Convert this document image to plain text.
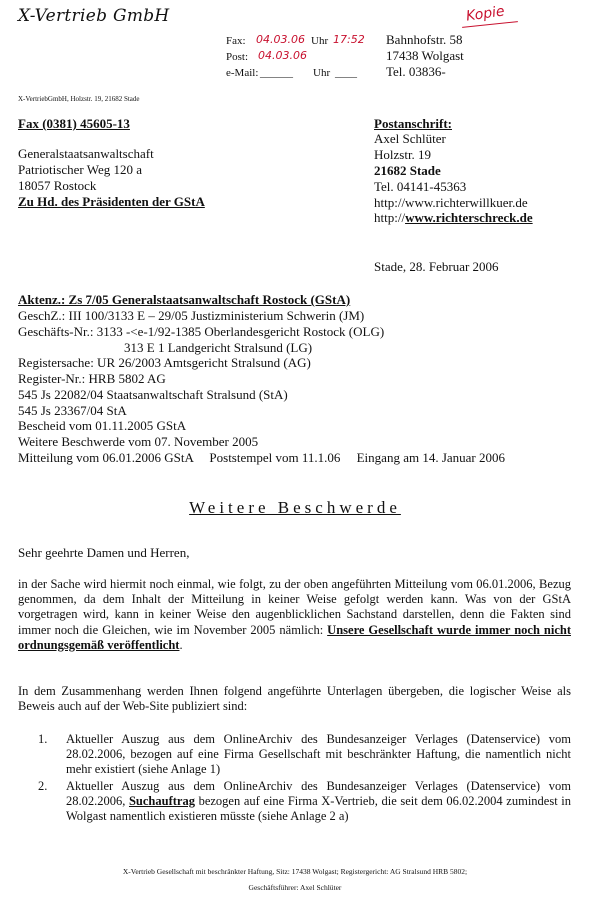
X-Vertrieb GmbH
Fax: 04.03.06 Uhr 17:52
Post: 04.03.06
e-Mail: ______ Uhr ____
Bahnhofstr. 58
17438 Wolgast
Tel. 03836-
Kopie
X-VertriebGmbH, Holzstr. 19, 21682 Stade
Fax (0381) 45605-13
Generalstaatsanwaltschaft
Patriotischer Weg 120 a
18057 Rostock
Zu Hd. des Präsidenten der GStA
Postanschrift:
Axel Schlüter
Holzstr. 19
21682 Stade
Tel. 04141-45363
http://www.richterwillkuer.de
http://www.richterschreck.de
Stade, 28. Februar 2006
Aktenz.: Zs 7/05 Generalstaatsanwaltschaft Rostock (GStA)
GeschZ.: III 100/3133 E – 29/05 Justizministerium Schwerin (JM)
Geschäfts-Nr.: 3133 -<e-1/92-1385 Oberlandesgericht Rostock (OLG)
313 E 1 Landgericht Stralsund (LG)
Registersache: UR 26/2003 Amtsgericht Stralsund (AG)
Register-Nr.: HRB 5802 AG
545 Js 22082/04 Staatsanwaltschaft Stralsund (StA)
545 Js 23367/04 StA
Bescheid vom 01.11.2005 GStA
Weitere Beschwerde vom 07. November 2005
Mitteilung vom 06.01.2006 GStA     Poststempel vom 11.1.06     Eingang am 14. Januar 2006
Weitere Beschwerde
Sehr geehrte Damen und Herren,
in der Sache wird hiermit noch einmal, wie folgt, zu der oben angeführten Mitteilung vom 06.01.2006, Bezug genommen, da dem Inhalt der Mitteilung in keiner Weise gefolgt werden kann. Was von der GStA vorgetragen wird, kann in keiner Weise den augenblicklichen Sachstand darstellen, denn die Fakten sind immer noch die Gleichen, wie im November 2005 nämlich: Unsere Gesellschaft wurde immer noch nicht ordnungsgemäß veröffentlicht.
In dem Zusammenhang werden Ihnen folgend angeführte Unterlagen übergeben, die logischer Weise als Beweis auch auf der Web-Site publiziert sind:
1. Aktueller Auszug aus dem OnlineArchiv des Bundesanzeiger Verlages (Datenservice) vom 28.02.2006, bezogen auf eine Firma Gesellschaft mit beschränkter Haftung, die namentlich nicht mehr existiert (siehe Anlage 1)
2. Aktueller Auszug aus dem OnlineArchiv des Bundesanzeiger Verlages (Datenservice) vom 28.02.2006, Suchauftrag bezogen auf eine Firma X-Vertrieb, die seit dem 06.02.2004 zumindest in Wolgast namentlich existieren müsste (siehe Anlage 2 a)
X-Vertrieb Gesellschaft mit beschränkter Haftung, Sitz: 17438 Wolgast; Registergericht: AG Stralsund HRB 5802;
Geschäftsführer: Axel Schlüter
